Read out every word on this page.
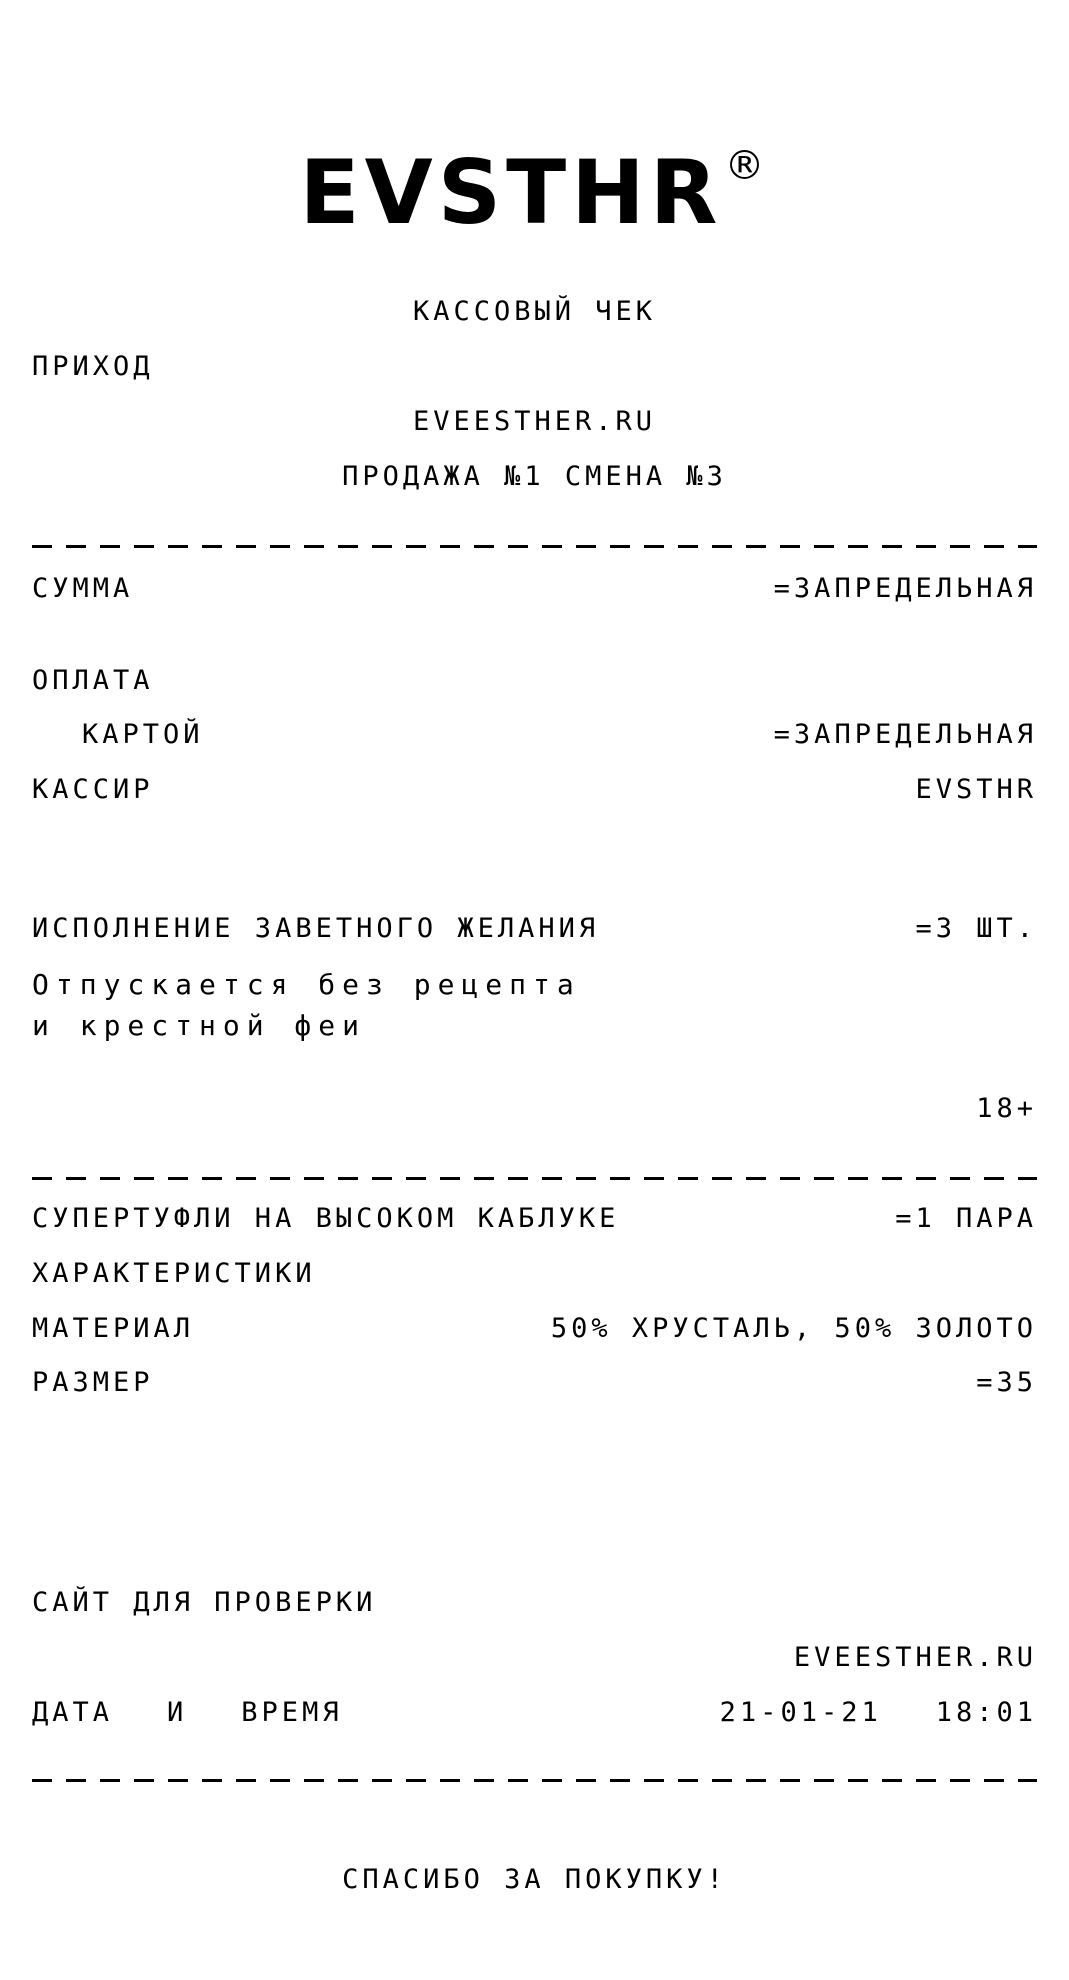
EVSTHR®
КАССОВЫЙ ЧЕК
ПРИХОД
EVEESTHER.RU
ПРОДАЖА №1 СМЕНА №3
СУММА	=ЗАПРЕДЕЛЬНАЯ
ОПЛАТА
КАРТОЙ	=ЗАПРЕДЕЛЬНАЯ
КАССИР	EVSTHR
ИСПОЛНЕНИЕ ЗАВЕТНОГО ЖЕЛАНИЯ	=3 ШТ.
Отпускается без рецепта
и крестной феи
18+
СУПЕРТУФЛИ НА ВЫСОКОМ КАБЛУКЕ	=1 ПАРА
ХАРАКТЕРИСТИКИ
МАТЕРИАЛ	50% ХРУСТАЛЬ, 50% ЗОЛОТО
РАЗМЕР	=35
САЙТ ДЛЯ ПРОВЕРКИ
EVEESTHER.RU
ДАТА И ВРЕМЯ	21-01-21 18:01
СПАСИБО ЗА ПОКУПКУ!
